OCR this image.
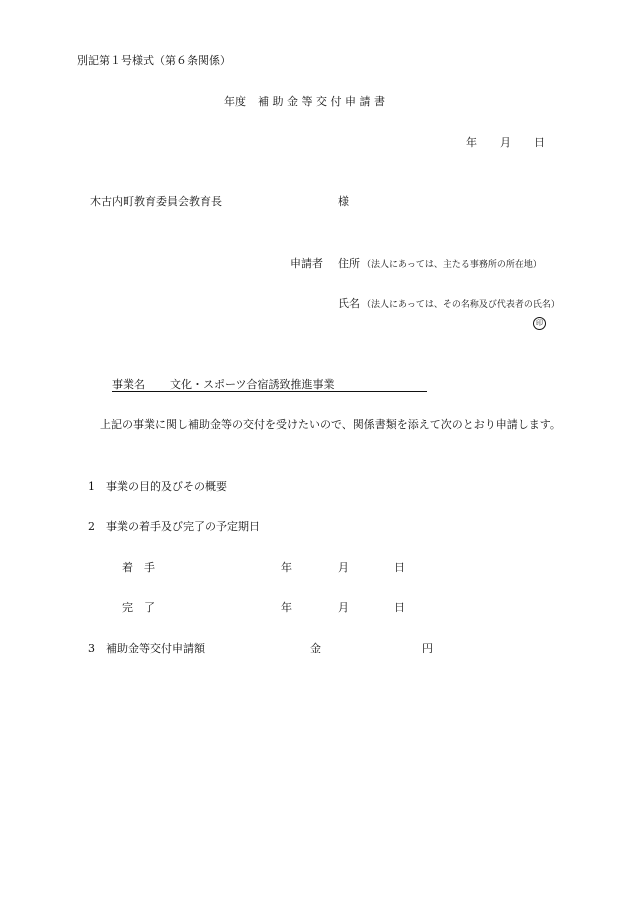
別記第１号様式（第６条関係）
年度 補 助 金 等 交 付 申 請 書
年 月 日
木古内町教育委員会教育長	様
申請者 住所 （法人にあっては、主たる事務所の所在地）
氏名 （法人にあっては、その名称及び代表者の氏名）
印
事業名 文化・スポーツ合宿誘致推進事業
上記の事業に関し補助金等の交付を受けたいので、関係書類を添えて次のとおり申請します。
1 事業の目的及びその概要
2 事業の着手及び完了の予定期日
着　手	年	月	日
完　了	年	月	日
3 補助金等交付申請額	金	円
